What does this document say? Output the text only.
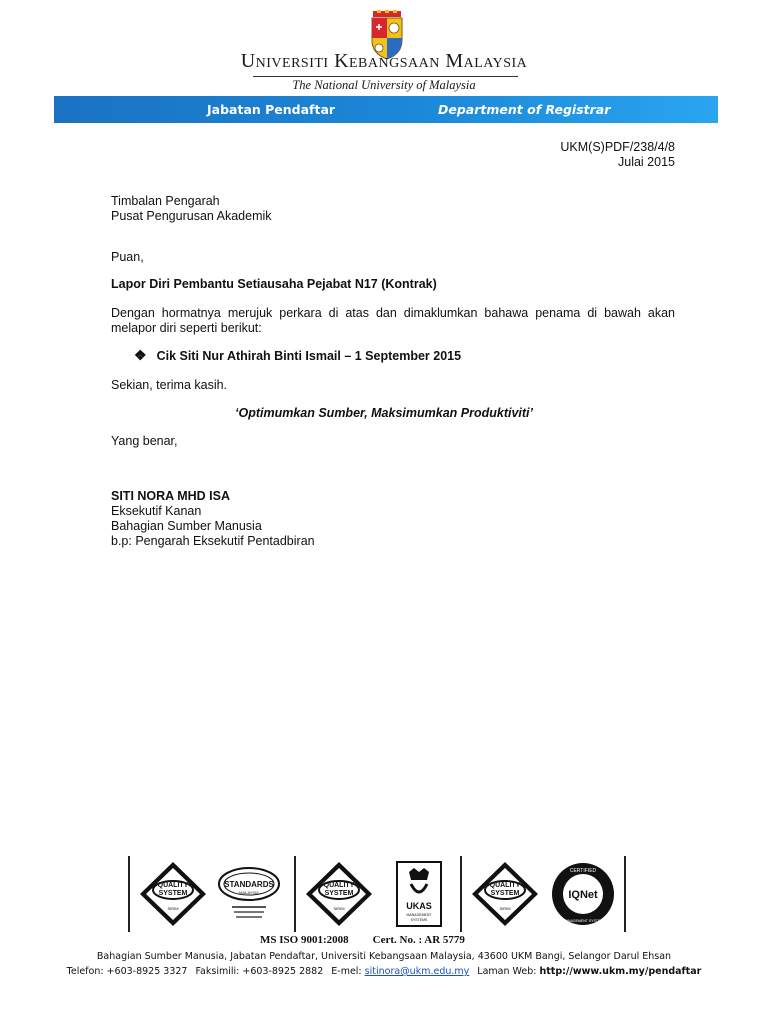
Universiti Kebangsaan Malaysia
The National University of Malaysia
Jabatan Pendaftar	Department of Registrar
UKM(S)PDF/238/4/8
Julai 2015
Timbalan Pengarah
Pusat Pengurusan Akademik
Puan,
Lapor Diri Pembantu Setiausaha Pejabat N17 (Kontrak)
Dengan hormatnya merujuk perkara di atas dan dimaklumkan bahawa penama di bawah akan melapor diri seperti berikut:
❖ Cik Siti Nur Athirah Binti Ismail – 1 September 2015
Sekian, terima kasih.
‘Optimumkan Sumber, Maksimumkan Produktiviti’
Yang benar,
SITI NORA MHD ISA
Eksekutif Kanan
Bahagian Sumber Manusia
b.p: Pengarah Eksekutif Pentadbiran
QUALITY
SYSTEM
SIRIM
STANDARDS
MALAYSIA
QUALITY
SYSTEM
SIRIM	UKAS
MANAGEMENT
SYSTEMS
QUALITY
SYSTEM
SIRIM
IQNet
CERTIFIED
MANAGEMENT SYSTEM
MS ISO 9001:2008 Cert. No. : AR 5779
Bahagian Sumber Manusia, Jabatan Pendaftar, Universiti Kebangsaan Malaysia, 43600 UKM Bangi, Selangor Darul Ehsan
Telefon: +603-8925 3327 Faksimili: +603-8925 2882 E-mel: sitinora@ukm.edu.my Laman Web: http://www.ukm.my/pendaftar
